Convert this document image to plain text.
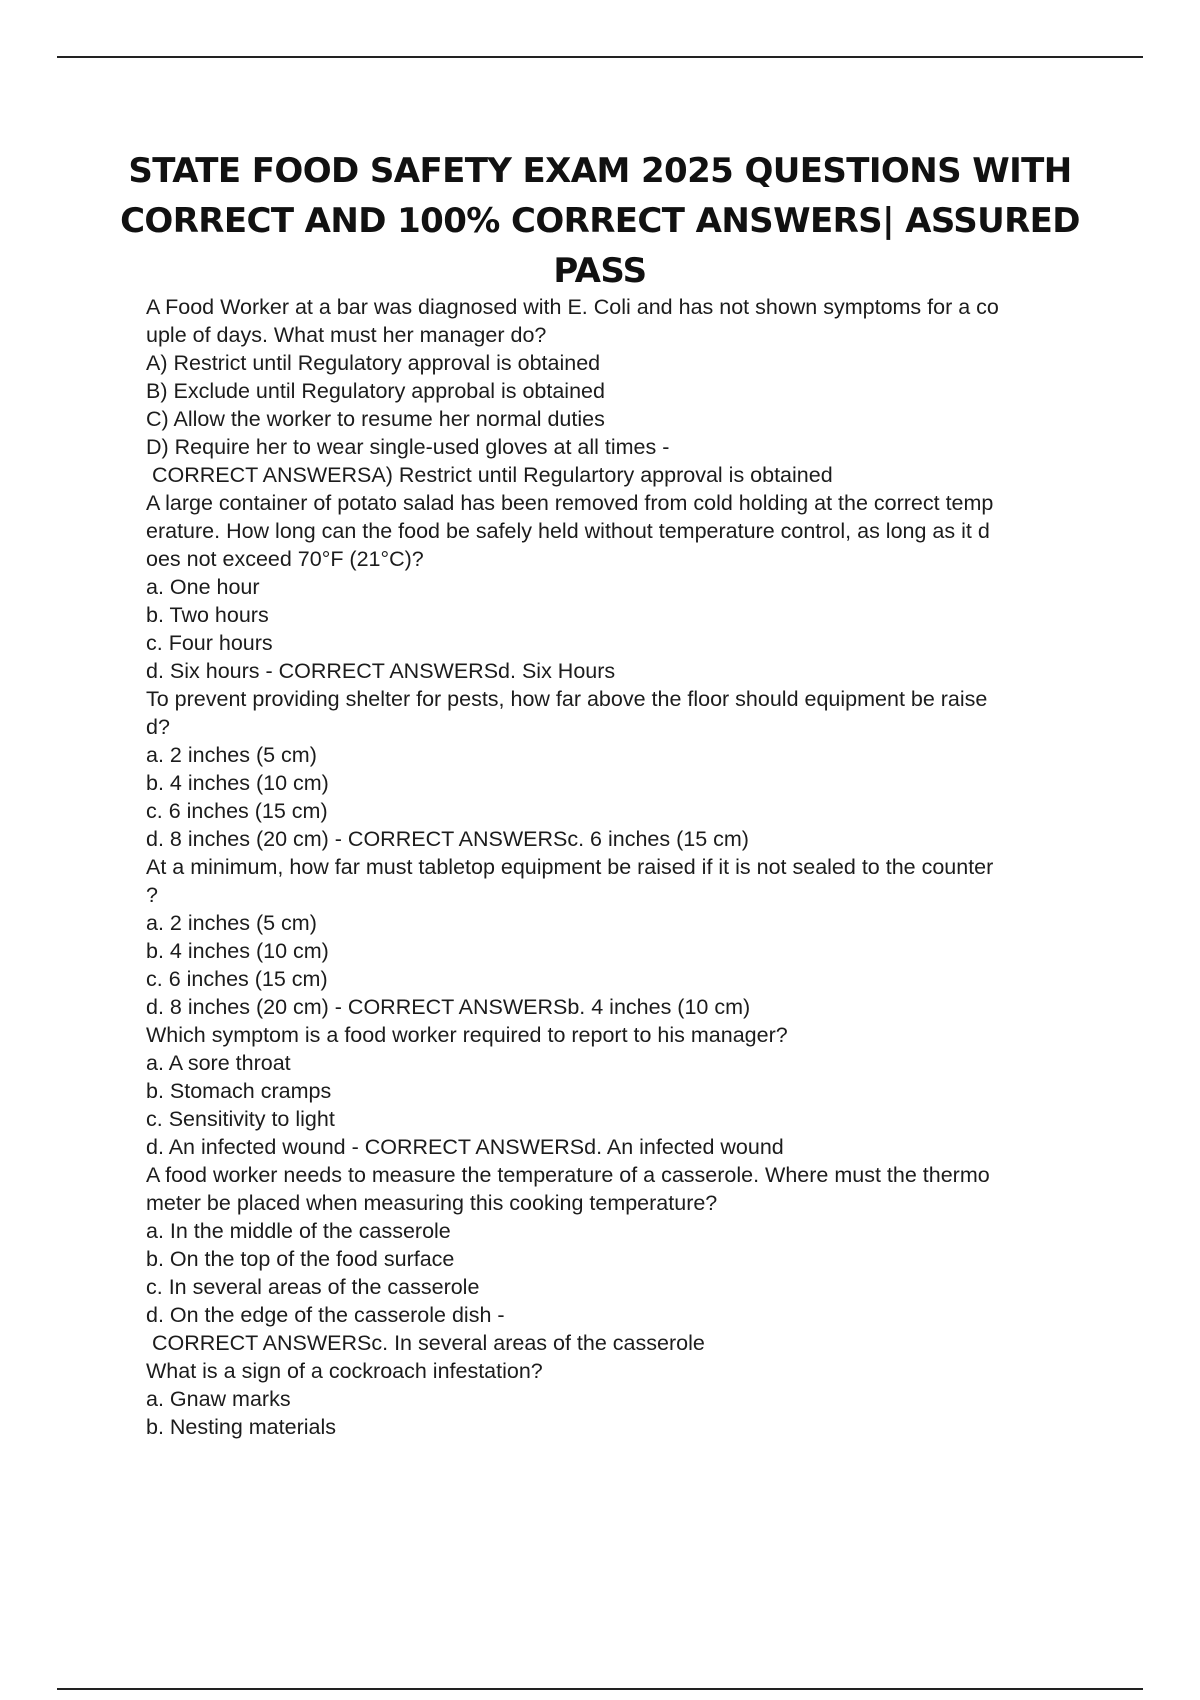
STATE FOOD SAFETY EXAM 2025 QUESTIONS WITH
CORRECT AND 100% CORRECT ANSWERS| ASSURED
PASS
A Food Worker at a bar was diagnosed with E. Coli and has not shown symptoms for a co
uple of days. What must her manager do?
A) Restrict until Regulatory approval is obtained
B) Exclude until Regulatory approbal is obtained
C) Allow the worker to resume her normal duties
D) Require her to wear single-used gloves at all times -
CORRECT ANSWERSA) Restrict until Regulartory approval is obtained
A large container of potato salad has been removed from cold holding at the correct temp
erature. How long can the food be safely held without temperature control, as long as it d
oes not exceed 70°F (21°C)?
a. One hour
b. Two hours
c. Four hours
d. Six hours - CORRECT ANSWERSd. Six Hours
To prevent providing shelter for pests, how far above the floor should equipment be raise
d?
a. 2 inches (5 cm)
b. 4 inches (10 cm)
c. 6 inches (15 cm)
d. 8 inches (20 cm) - CORRECT ANSWERSc. 6 inches (15 cm)
At a minimum, how far must tabletop equipment be raised if it is not sealed to the counter
?
a. 2 inches (5 cm)
b. 4 inches (10 cm)
c. 6 inches (15 cm)
d. 8 inches (20 cm) - CORRECT ANSWERSb. 4 inches (10 cm)
Which symptom is a food worker required to report to his manager?
a. A sore throat
b. Stomach cramps
c. Sensitivity to light
d. An infected wound - CORRECT ANSWERSd. An infected wound
A food worker needs to measure the temperature of a casserole. Where must the thermo
meter be placed when measuring this cooking temperature?
a. In the middle of the casserole
b. On the top of the food surface
c. In several areas of the casserole
d. On the edge of the casserole dish -
CORRECT ANSWERSc. In several areas of the casserole
What is a sign of a cockroach infestation?
a. Gnaw marks
b. Nesting materials
